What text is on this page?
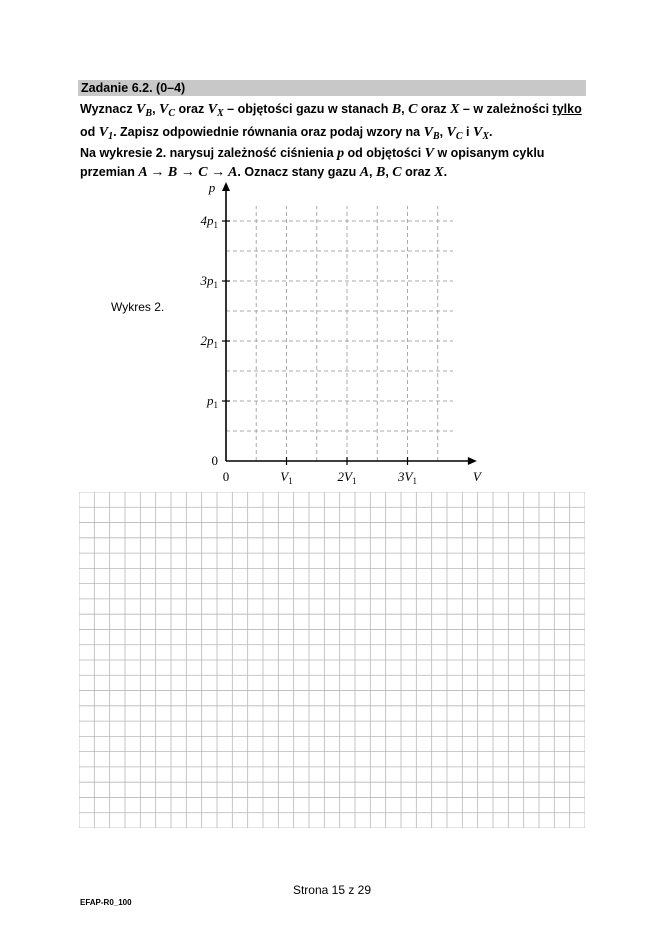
Zadanie 6.2. (0–4)
Wyznacz $V_B$, $V_C$ oraz $V_X$ – objętości gazu w stanach B, C oraz X – w zależności tylko
od $V_1$. Zapisz odpowiednie równania oraz podaj wzory na $V_B$, $V_C$ i $V_X$.
Na wykresie 2. narysuj zależność ciśnienia p od objętości V w opisanym cyklu
przemian A → B → C → A. Oznacz stany gazu A, B, C oraz X.
Wykres 2.
0	$V_1$	$2V_1$	$3V_1$
0
$p_1$
$2p_1$
$3p_1$
$4p_1$
V
p
Strona 15 z 29
EFAP-R0_100
